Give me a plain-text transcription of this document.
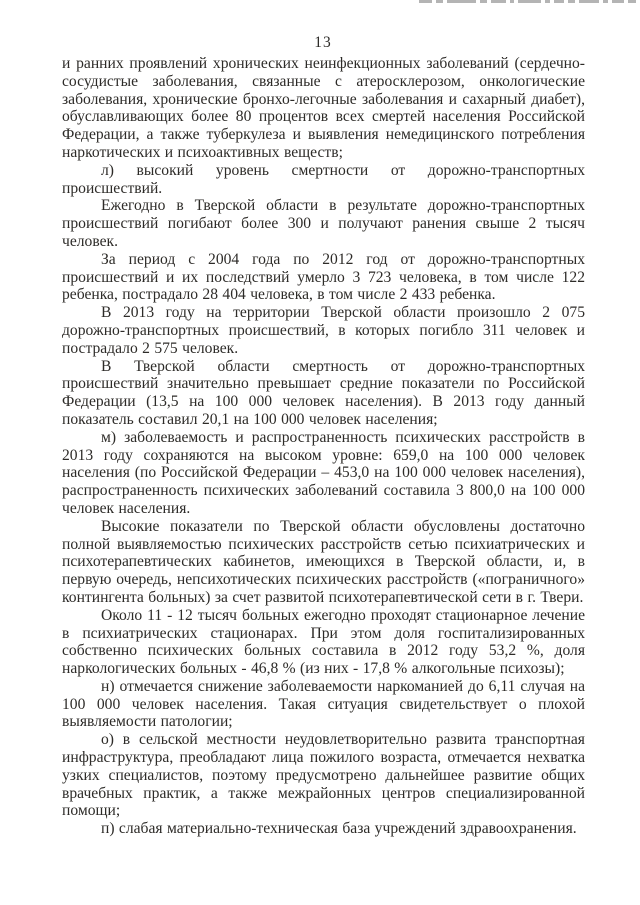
13

и ранних проявлений хронических неинфекционных заболеваний (сердечно-сосудистые заболевания, связанные с атеросклерозом, онкологические заболевания, хронические бронхо-легочные заболевания и сахарный диабет), обуславливающих более 80 процентов всех смертей населения Российской Федерации, а также туберкулеза и выявления немедицинского потребления наркотических и психоактивных веществ;

л) высокий уровень смертности от дорожно-транспортных происшествий.

Ежегодно в Тверской области в результате дорожно-транспортных происшествий погибают более 300 и получают ранения свыше 2 тысяч человек.

За период с 2004 года по 2012 год от дорожно-транспортных происшествий и их последствий умерло 3 723 человека, в том числе 122 ребенка, пострадало 28 404 человека, в том числе 2 433 ребенка.

В 2013 году на территории Тверской области произошло 2 075 дорожно-транспортных происшествий, в которых погибло 311 человек и пострадало 2 575 человек.

В Тверской области смертность от дорожно-транспортных происшествий значительно превышает средние показатели по Российской Федерации (13,5 на 100 000 человек населения). В 2013 году данный показатель составил 20,1 на 100 000 человек населения;

м) заболеваемость и распространенность психических расстройств в 2013 году сохраняются на высоком уровне: 659,0 на 100 000 человек населения (по Российской Федерации – 453,0 на 100 000 человек населения), распространенность психических заболеваний составила 3 800,0 на 100 000 человек населения.

Высокие показатели по Тверской области обусловлены достаточно полной выявляемостью психических расстройств сетью психиатрических и психотерапевтических кабинетов, имеющихся в Тверской области, и, в первую очередь, непсихотических психических расстройств («пограничного» контингента больных) за счет развитой психотерапевтической сети в г. Твери.

Около 11 - 12 тысяч больных ежегодно проходят стационарное лечение в психиатрических стационарах. При этом доля госпитализированных собственно психических больных составила в 2012 году 53,2 %, доля наркологических больных - 46,8 % (из них - 17,8 % алкогольные психозы);

н) отмечается снижение заболеваемости наркоманией до 6,11 случая на 100 000 человек населения. Такая ситуация свидетельствует о плохой выявляемости патологии;

о) в сельской местности неудовлетворительно развита транспортная инфраструктура, преобладают лица пожилого возраста, отмечается нехватка узких специалистов, поэтому предусмотрено дальнейшее развитие общих врачебных практик, а также межрайонных центров специализированной помощи;

п) слабая материально-техническая база учреждений здравоохранения.
